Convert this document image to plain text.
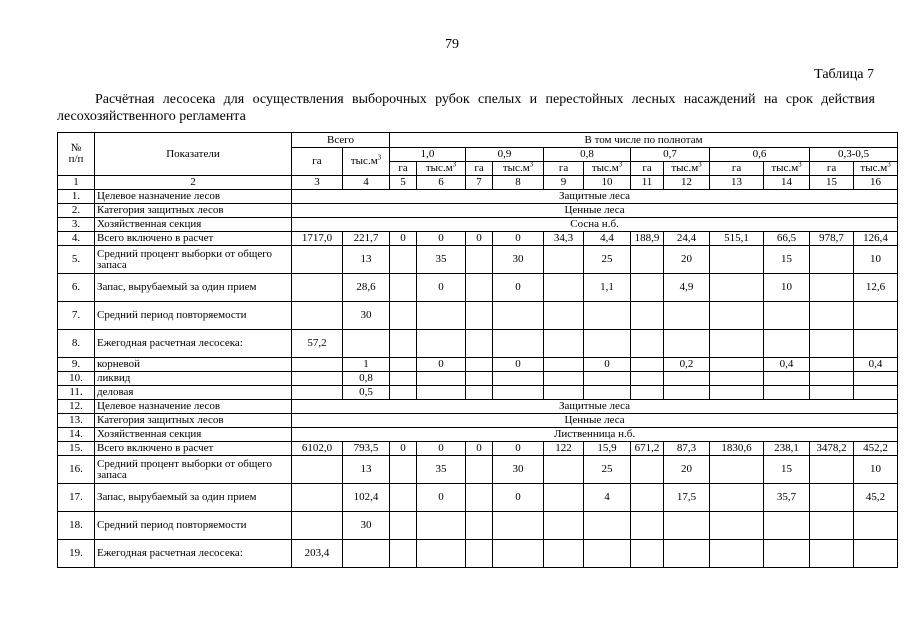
79
Таблица 7
Расчётная лесосека для осуществления выборочных рубок спелых и перестойных лесных насаждений на срок действия лесохозяйственного регламента
№
п/п	Показатели	Всего		В том числе по полнотам											
		га	$тыс.м^3$	1,0		0,9		0,8		0,7		0,6		0,3-0,5	
				га	$тыс.м^3$	га	$тыс.м^3$	га	$тыс.м^3$	га	$тыс.м^3$	га	$тыс.м^3$	га	$тыс.м^3$
1	2	3	4	5	6	7	8	9	10	11	12	13	14	15	16
1.	Целевое назначение лесов	Защитные леса													
2.	Категория защитных лесов	Ценные леса													
3.	Хозяйственная секция	Сосна н.б.													
4.	Всего включено в расчет	1717,0	221,7	0	0	0	0	34,3	4,4	188,9	24,4	515,1	66,5	978,7	126,4
5.	Средний процент выборки от общего запаса		13		35		30		25		20		15		10
6.	Запас, вырубаемый за один прием		28,6		0		0		1,1		4,9		10		12,6
7.	Средний период повторяемости		30												
8.	Ежегодная расчетная лесосека:	57,2													
9.	корневой		1		0		0		0		0,2		0,4		0,4
10.	ликвид		0,8												
11.	деловая		0,5												
12.	Целевое назначение лесов	Защитные леса													
13.	Категория защитных лесов	Ценные леса													
14.	Хозяйственная секция	Лиственница н.б.													
15.	Всего включено в расчет	6102,0	793,5	0	0	0	0	122	15,9	671,2	87,3	1830,6	238,1	3478,2	452,2
16.	Средний процент выборки от общего запаса		13		35		30		25		20		15		10
17.	Запас, вырубаемый за один прием		102,4		0		0		4		17,5		35,7		45,2
18.	Средний период повторяемости		30												
19.	Ежегодная расчетная лесосека:	203,4													
